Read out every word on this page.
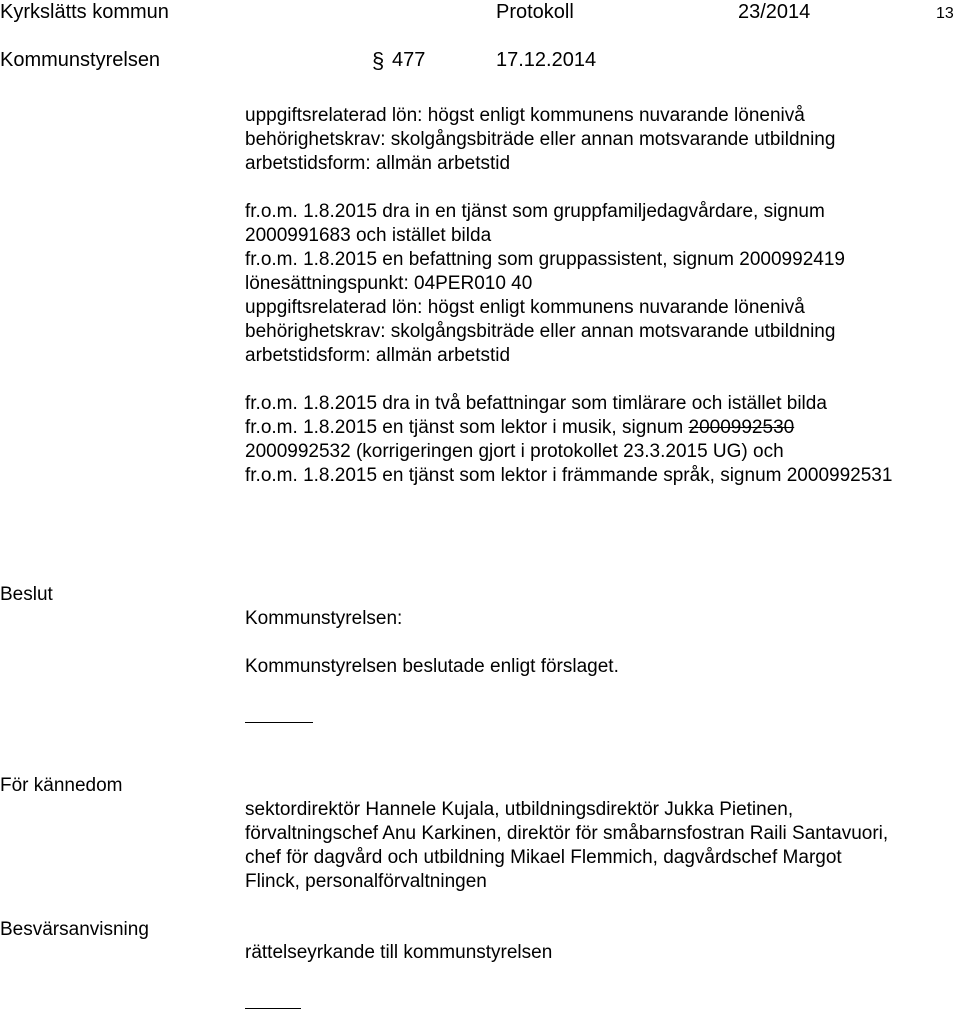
Kyrkslätts kommun	Protokoll	23/2014	13
Kommunstyrelsen	§ 477	17.12.2014
uppgiftsrelaterad lön: högst enligt kommunens nuvarande lönenivå
behörighetskrav: skolgångsbiträde eller annan motsvarande utbildning
arbetstidsform: allmän arbetstid
fr.o.m. 1.8.2015 dra in en tjänst som gruppfamiljedagvårdare, signum
2000991683 och istället bilda
fr.o.m. 1.8.2015 en befattning som gruppassistent, signum 2000992419
lönesättningspunkt: 04PER010 40
uppgiftsrelaterad lön: högst enligt kommunens nuvarande lönenivå
behörighetskrav: skolgångsbiträde eller annan motsvarande utbildning
arbetstidsform: allmän arbetstid
fr.o.m. 1.8.2015 dra in två befattningar som timlärare och istället bilda
fr.o.m. 1.8.2015 en tjänst som lektor i musik, signum 2000992530
2000992532 (korrigeringen gjort i protokollet 23.3.2015 UG) och
fr.o.m. 1.8.2015 en tjänst som lektor i främmande språk, signum 2000992531
Beslut
Kommunstyrelsen:
Kommunstyrelsen beslutade enligt förslaget.
För kännedom
sektordirektör Hannele Kujala, utbildningsdirektör Jukka Pietinen,
förvaltningschef Anu Karkinen, direktör för småbarnsfostran Raili Santavuori,
chef för dagvård och utbildning Mikael Flemmich, dagvårdschef Margot
Flinck, personalförvaltningen
Besvärsanvisning
rättelseyrkande till kommunstyrelsen
